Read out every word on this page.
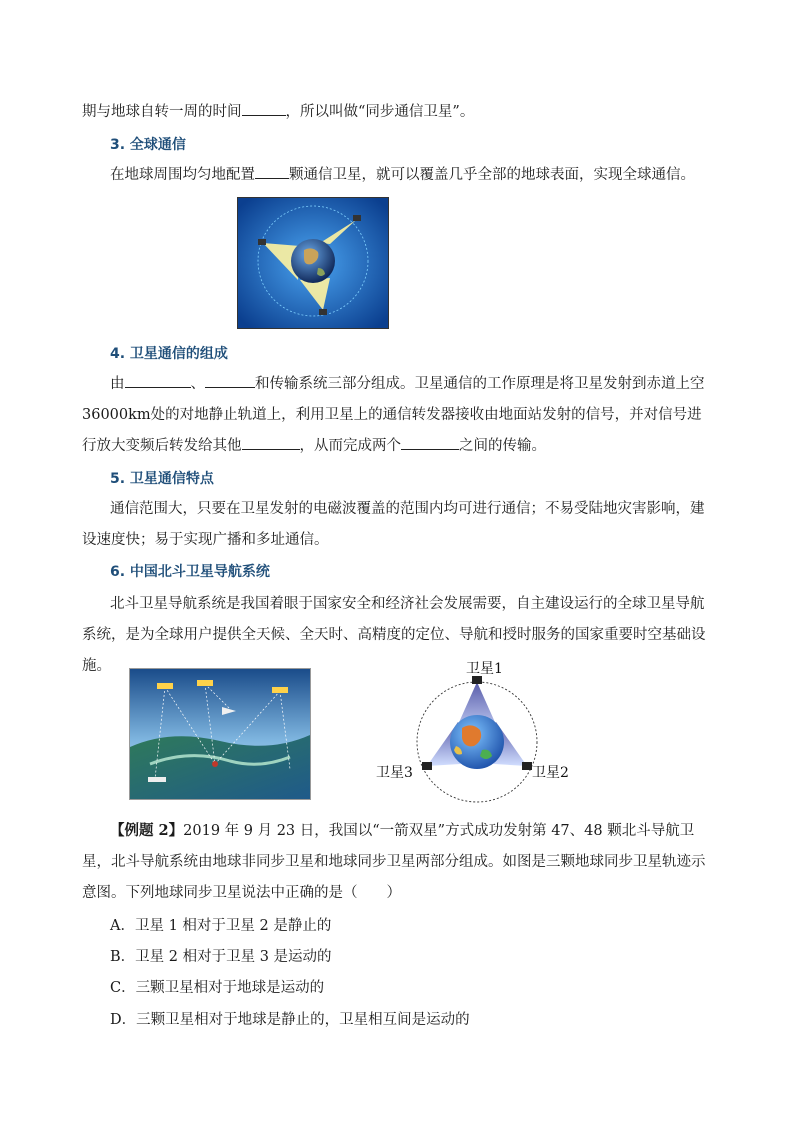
期与地球自转一周的时间	，所以叫做“同步通信卫星”。

3. 全球通信

在地球周围均匀地配置 颗通信卫星，就可以覆盖几乎全部的地球表面，实现全球通信。

4. 卫星通信的组成

由	、	和传输系统三部分组成。卫星通信的工作原理是将卫星发射到赤道上空36000km处的对地静止轨道上，利用卫星上的通信转发器接收由地面站发射的信号，并对信号进行放大变频后转发给其他	，从而完成两个	之间的传输。

5. 卫星通信特点

通信范围大，只要在卫星发射的电磁波覆盖的范围内均可进行通信；不易受陆地灾害影响，建设速度快；易于实现广播和多址通信。

6. 中国北斗卫星导航系统

北斗卫星导航系统是我国着眼于国家安全和经济社会发展需要，自主建设运行的全球卫星导航系统，是为全球用户提供全天候、全天时、高精度的定位、导航和授时服务的国家重要时空基础设施。	卫星1
卫星2
卫星3

【例题 2】2019 年 9 月 23 日，我国以“一箭双星”方式成功发射第 47、48 颗北斗导航卫星，北斗导航系统由地球非同步卫星和地球同步卫星两部分组成。如图是三颗地球同步卫星轨迹示意图。下列地球同步卫星说法中正确的是（　　）

A．卫星 1 相对于卫星 2 是静止的

B．卫星 2 相对于卫星 3 是运动的

C．三颗卫星相对于地球是运动的

D．三颗卫星相对于地球是静止的，卫星相互间是运动的
